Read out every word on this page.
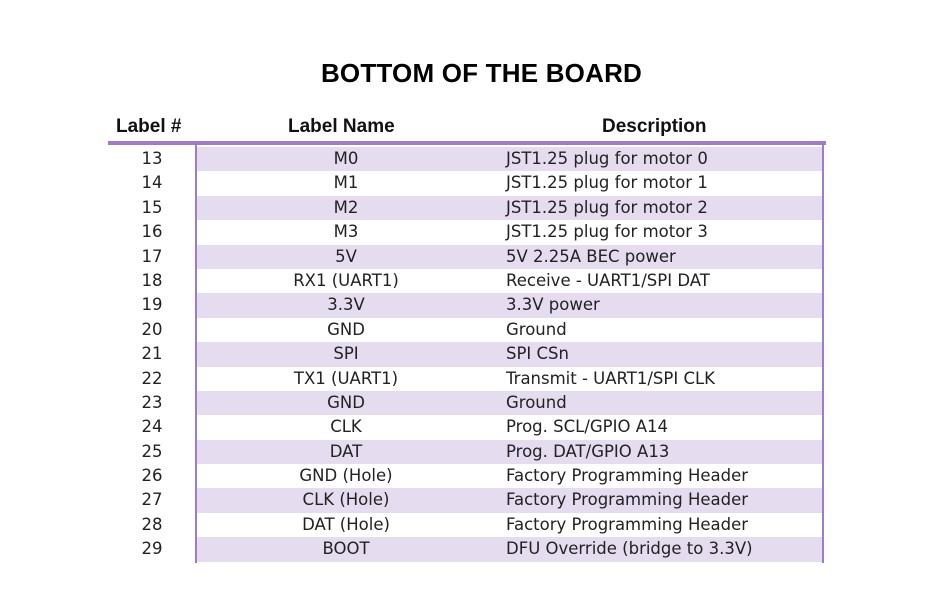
BOTTOM OF THE BOARD
Label #	Label Name	Description
13	M0	JST1.25 plug for motor 0
14	M1	JST1.25 plug for motor 1
15	M2	JST1.25 plug for motor 2
16	M3	JST1.25 plug for motor 3
17	5V	5V 2.25A BEC power
18	RX1 (UART1)	Receive - UART1/SPI DAT
19	3.3V	3.3V power
20	GND	Ground
21	SPI	SPI CSn
22	TX1 (UART1)	Transmit - UART1/SPI CLK
23	GND	Ground
24	CLK	Prog. SCL/GPIO A14
25	DAT	Prog. DAT/GPIO A13
26	GND (Hole)	Factory Programming Header
27	CLK (Hole)	Factory Programming Header
28	DAT (Hole)	Factory Programming Header
29	BOOT	DFU Override (bridge to 3.3V)
